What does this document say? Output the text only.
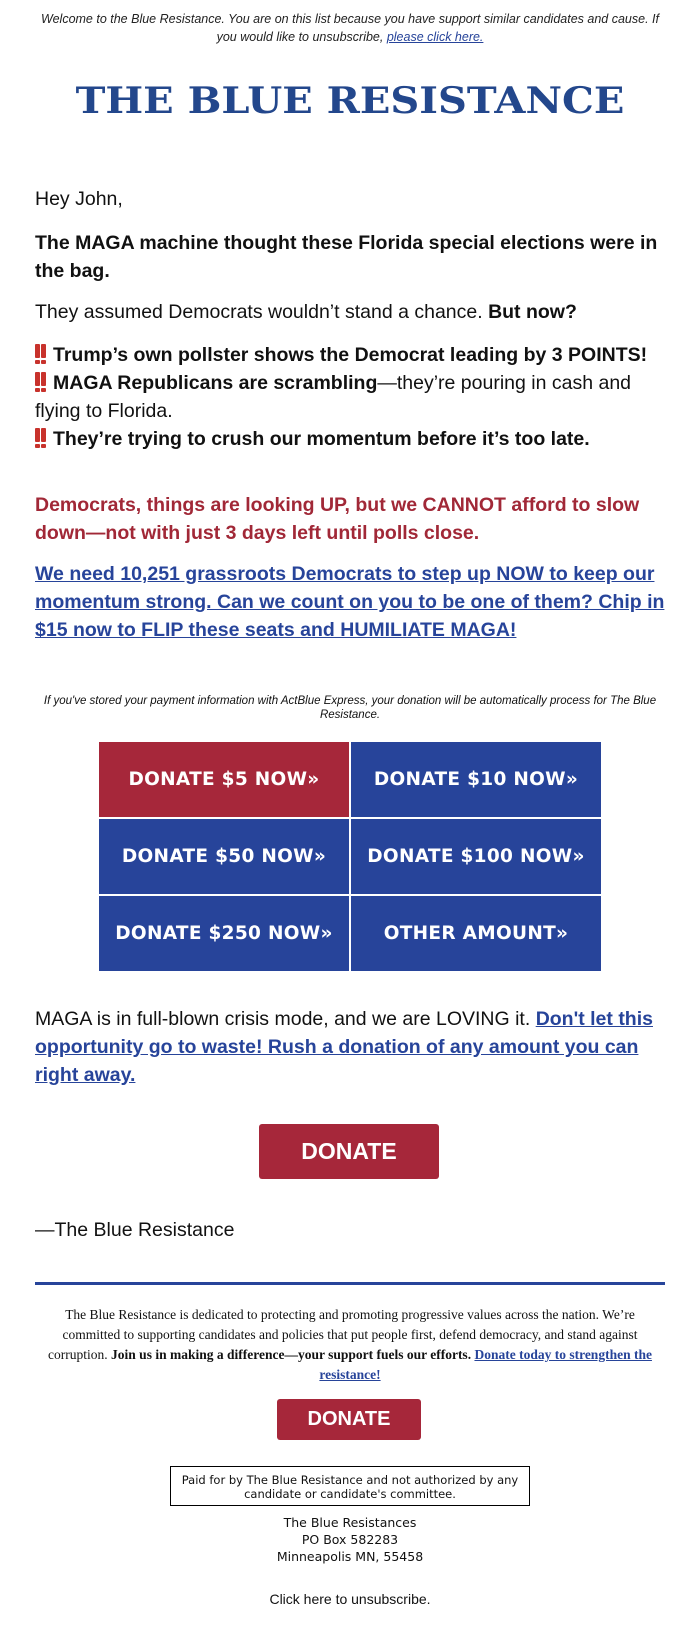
Welcome to the Blue Resistance. You are on this list because you have support similar candidates and cause. If you would like to unsubscribe, please click here.
THE BLUE RESISTANCE
Hey John,
The MAGA machine thought these Florida special elections were in the bag.
They assumed Democrats wouldn’t stand a chance. But now?
Trump’s own pollster shows the Democrat leading by 3 POINTS!
MAGA Republicans are scrambling—they’re pouring in cash and flying to Florida.
They’re trying to crush our momentum before it’s too late.
Democrats, things are looking UP, but we CANNOT afford to slow down—not with just 3 days left until polls close.
We need 10,251 grassroots Democrats to step up NOW to keep our momentum strong. Can we count on you to be one of them? Chip in $15 now to FLIP these seats and HUMILIATE MAGA!
If you've stored your payment information with ActBlue Express, your donation will be automatically process for The Blue Resistance.
DONATE $5 NOW»	DONATE $10 NOW»
DONATE $50 NOW»	DONATE $100 NOW»
DONATE $250 NOW»	OTHER AMOUNT»
MAGA is in full-blown crisis mode, and we are LOVING it. Don't let this opportunity go to waste! Rush a donation of any amount you can right away.
DONATE
—The Blue Resistance
The Blue Resistance is dedicated to protecting and promoting progressive values across the nation. We’re committed to supporting candidates and policies that put people first, defend democracy, and stand against corruption. Join us in making a difference—your support fuels our efforts. Donate today to strengthen the resistance!
DONATE
Paid for by The Blue Resistance and not authorized by any candidate or candidate's committee.
The Blue Resistances
PO Box 582283
Minneapolis MN, 55458
Click here to unsubscribe.
